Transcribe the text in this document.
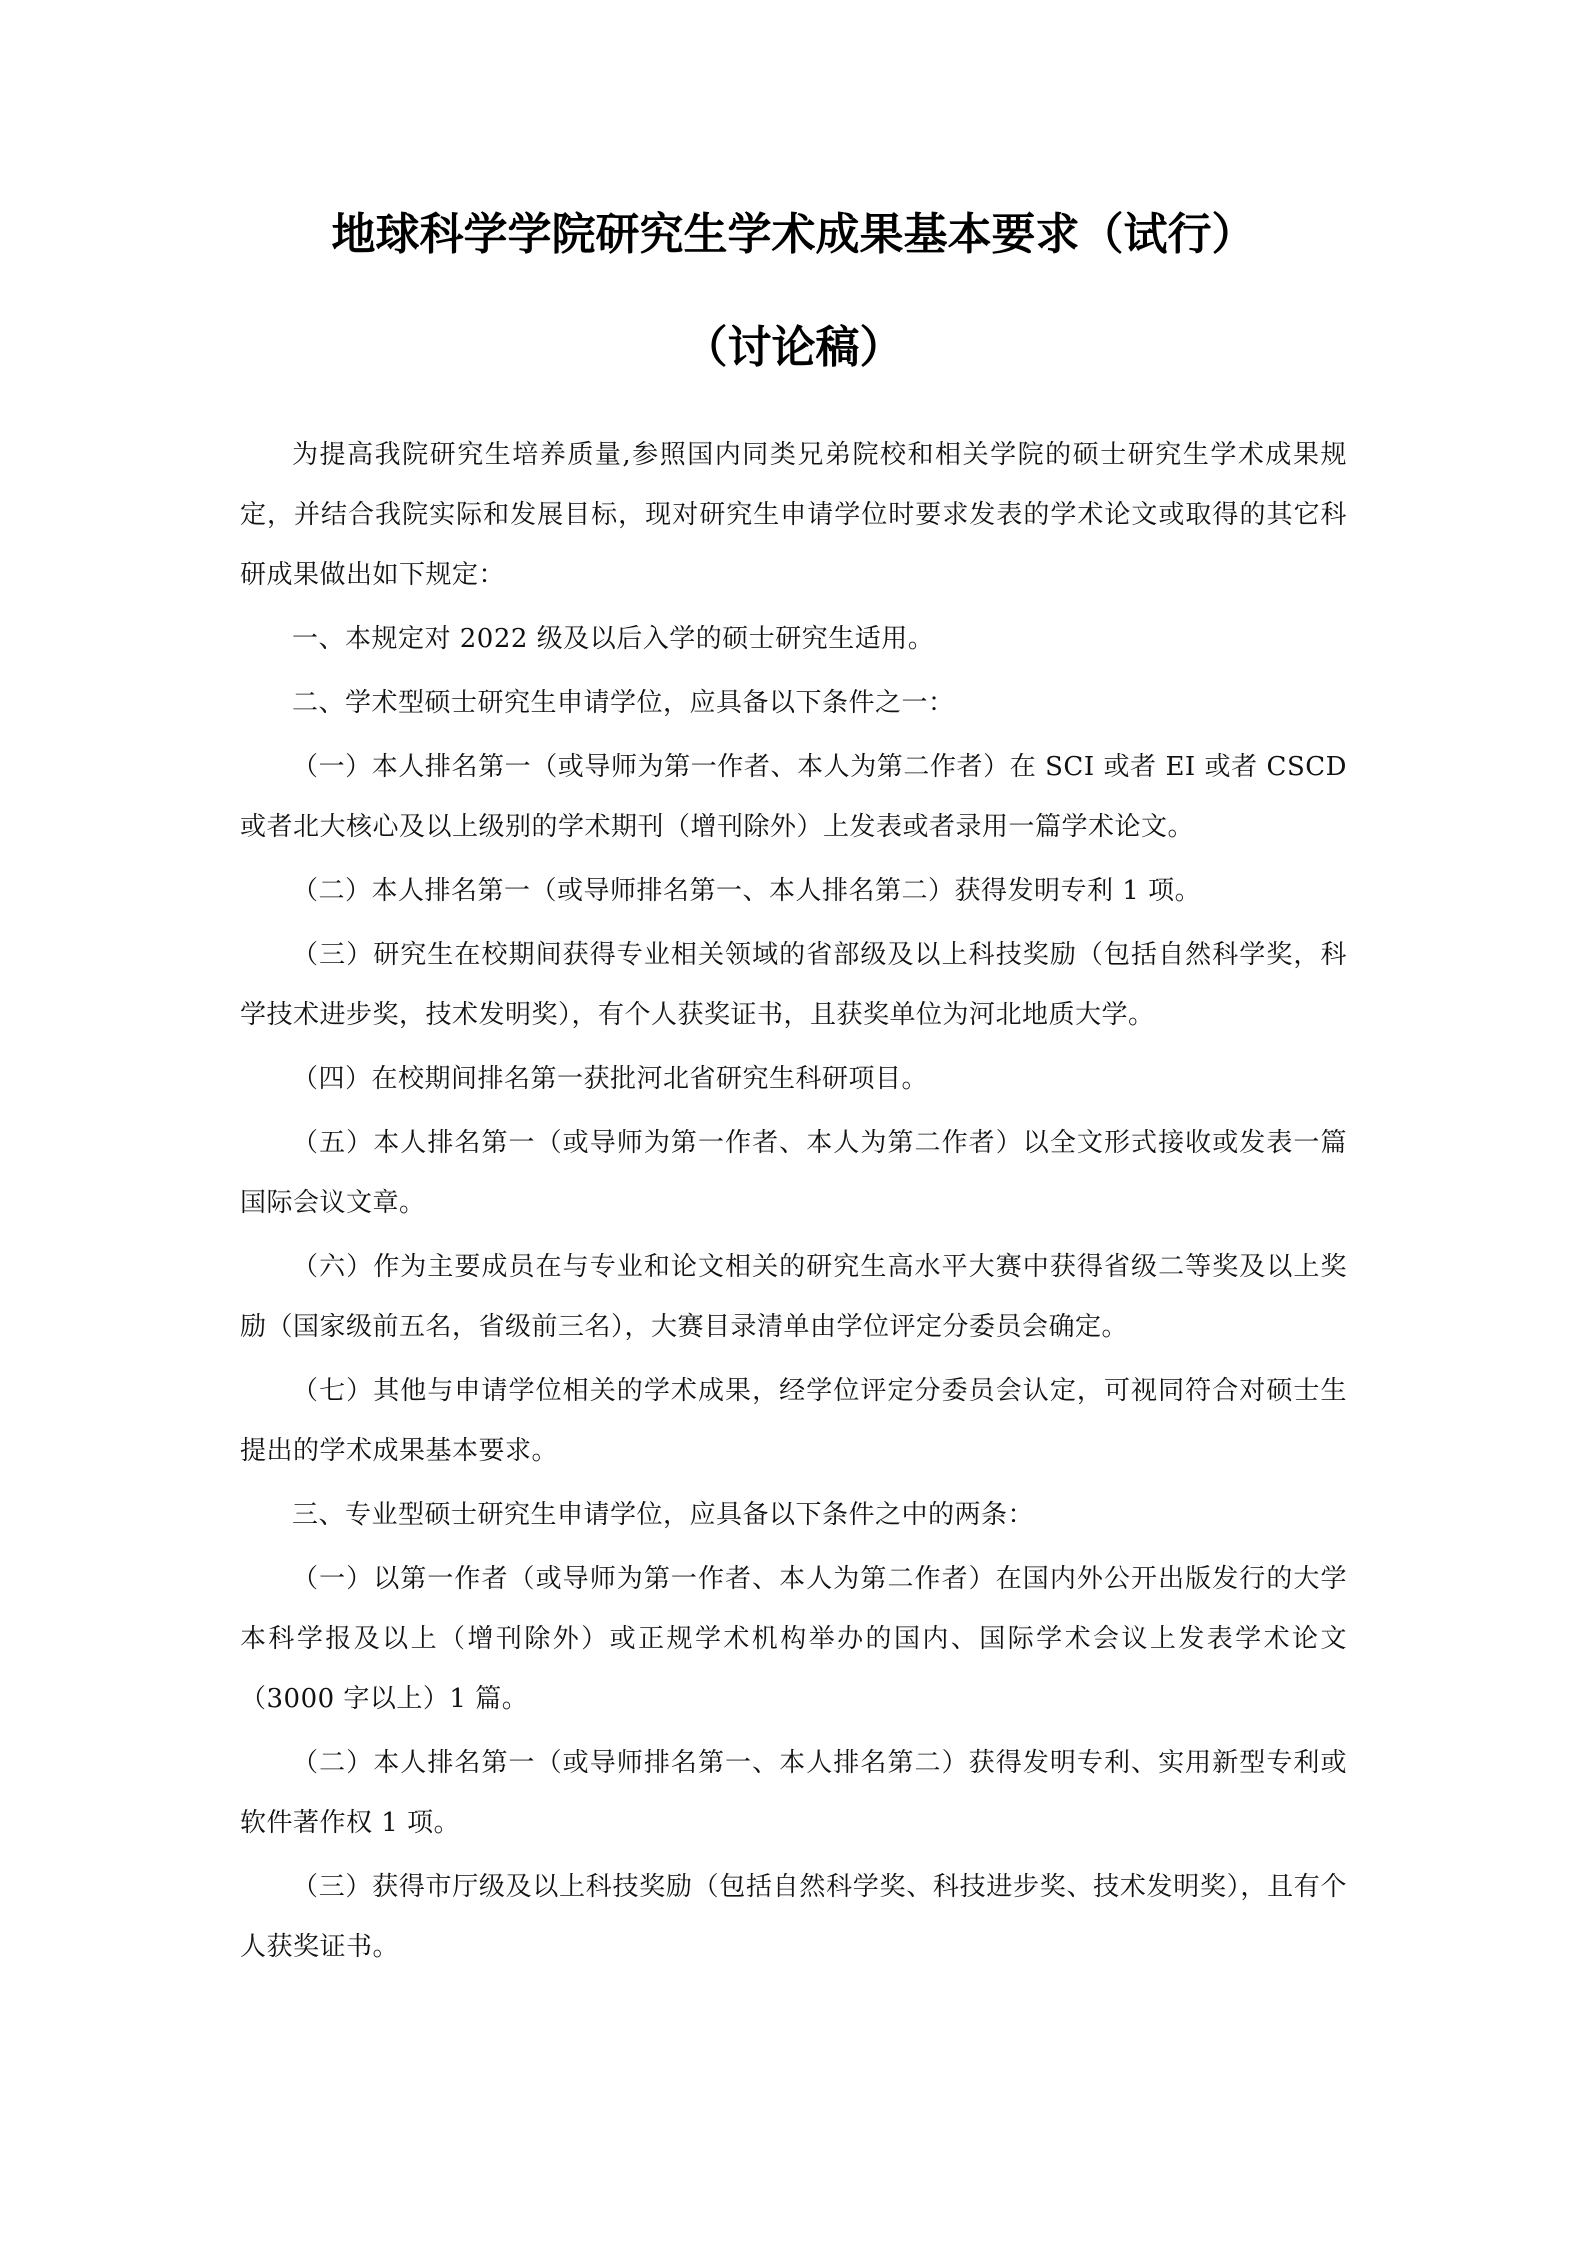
地球科学学院研究生学术成果基本要求（试行）
（讨论稿）

为提高我院研究生培养质量,参照国内同类兄弟院校和相关学院的硕士研究生学术成果规定，并结合我院实际和发展目标，现对研究生申请学位时要求发表的学术论文或取得的其它科研成果做出如下规定：

一、本规定对 2022 级及以后入学的硕士研究生适用。

二、学术型硕士研究生申请学位，应具备以下条件之一：

（一）本人排名第一（或导师为第一作者、本人为第二作者）在 SCI 或者 EI 或者 CSCD 或者北大核心及以上级别的学术期刊（增刊除外）上发表或者录用一篇学术论文。

（二）本人排名第一（或导师排名第一、本人排名第二）获得发明专利 1 项。

（三）研究生在校期间获得专业相关领域的省部级及以上科技奖励（包括自然科学奖，科学技术进步奖，技术发明奖），有个人获奖证书，且获奖单位为河北地质大学。

（四）在校期间排名第一获批河北省研究生科研项目。

（五）本人排名第一（或导师为第一作者、本人为第二作者）以全文形式接收或发表一篇国际会议文章。

（六）作为主要成员在与专业和论文相关的研究生高水平大赛中获得省级二等奖及以上奖励（国家级前五名，省级前三名），大赛目录清单由学位评定分委员会确定。

（七）其他与申请学位相关的学术成果，经学位评定分委员会认定，可视同符合对硕士生提出的学术成果基本要求。

三、专业型硕士研究生申请学位，应具备以下条件之中的两条：

（一）以第一作者（或导师为第一作者、本人为第二作者）在国内外公开出版发行的大学本科学报及以上（增刊除外）或正规学术机构举办的国内、国际学术会议上发表学术论文（3000 字以上）1 篇。

（二）本人排名第一（或导师排名第一、本人排名第二）获得发明专利、实用新型专利或软件著作权 1 项。

（三）获得市厅级及以上科技奖励（包括自然科学奖、科技进步奖、技术发明奖），且有个人获奖证书。
